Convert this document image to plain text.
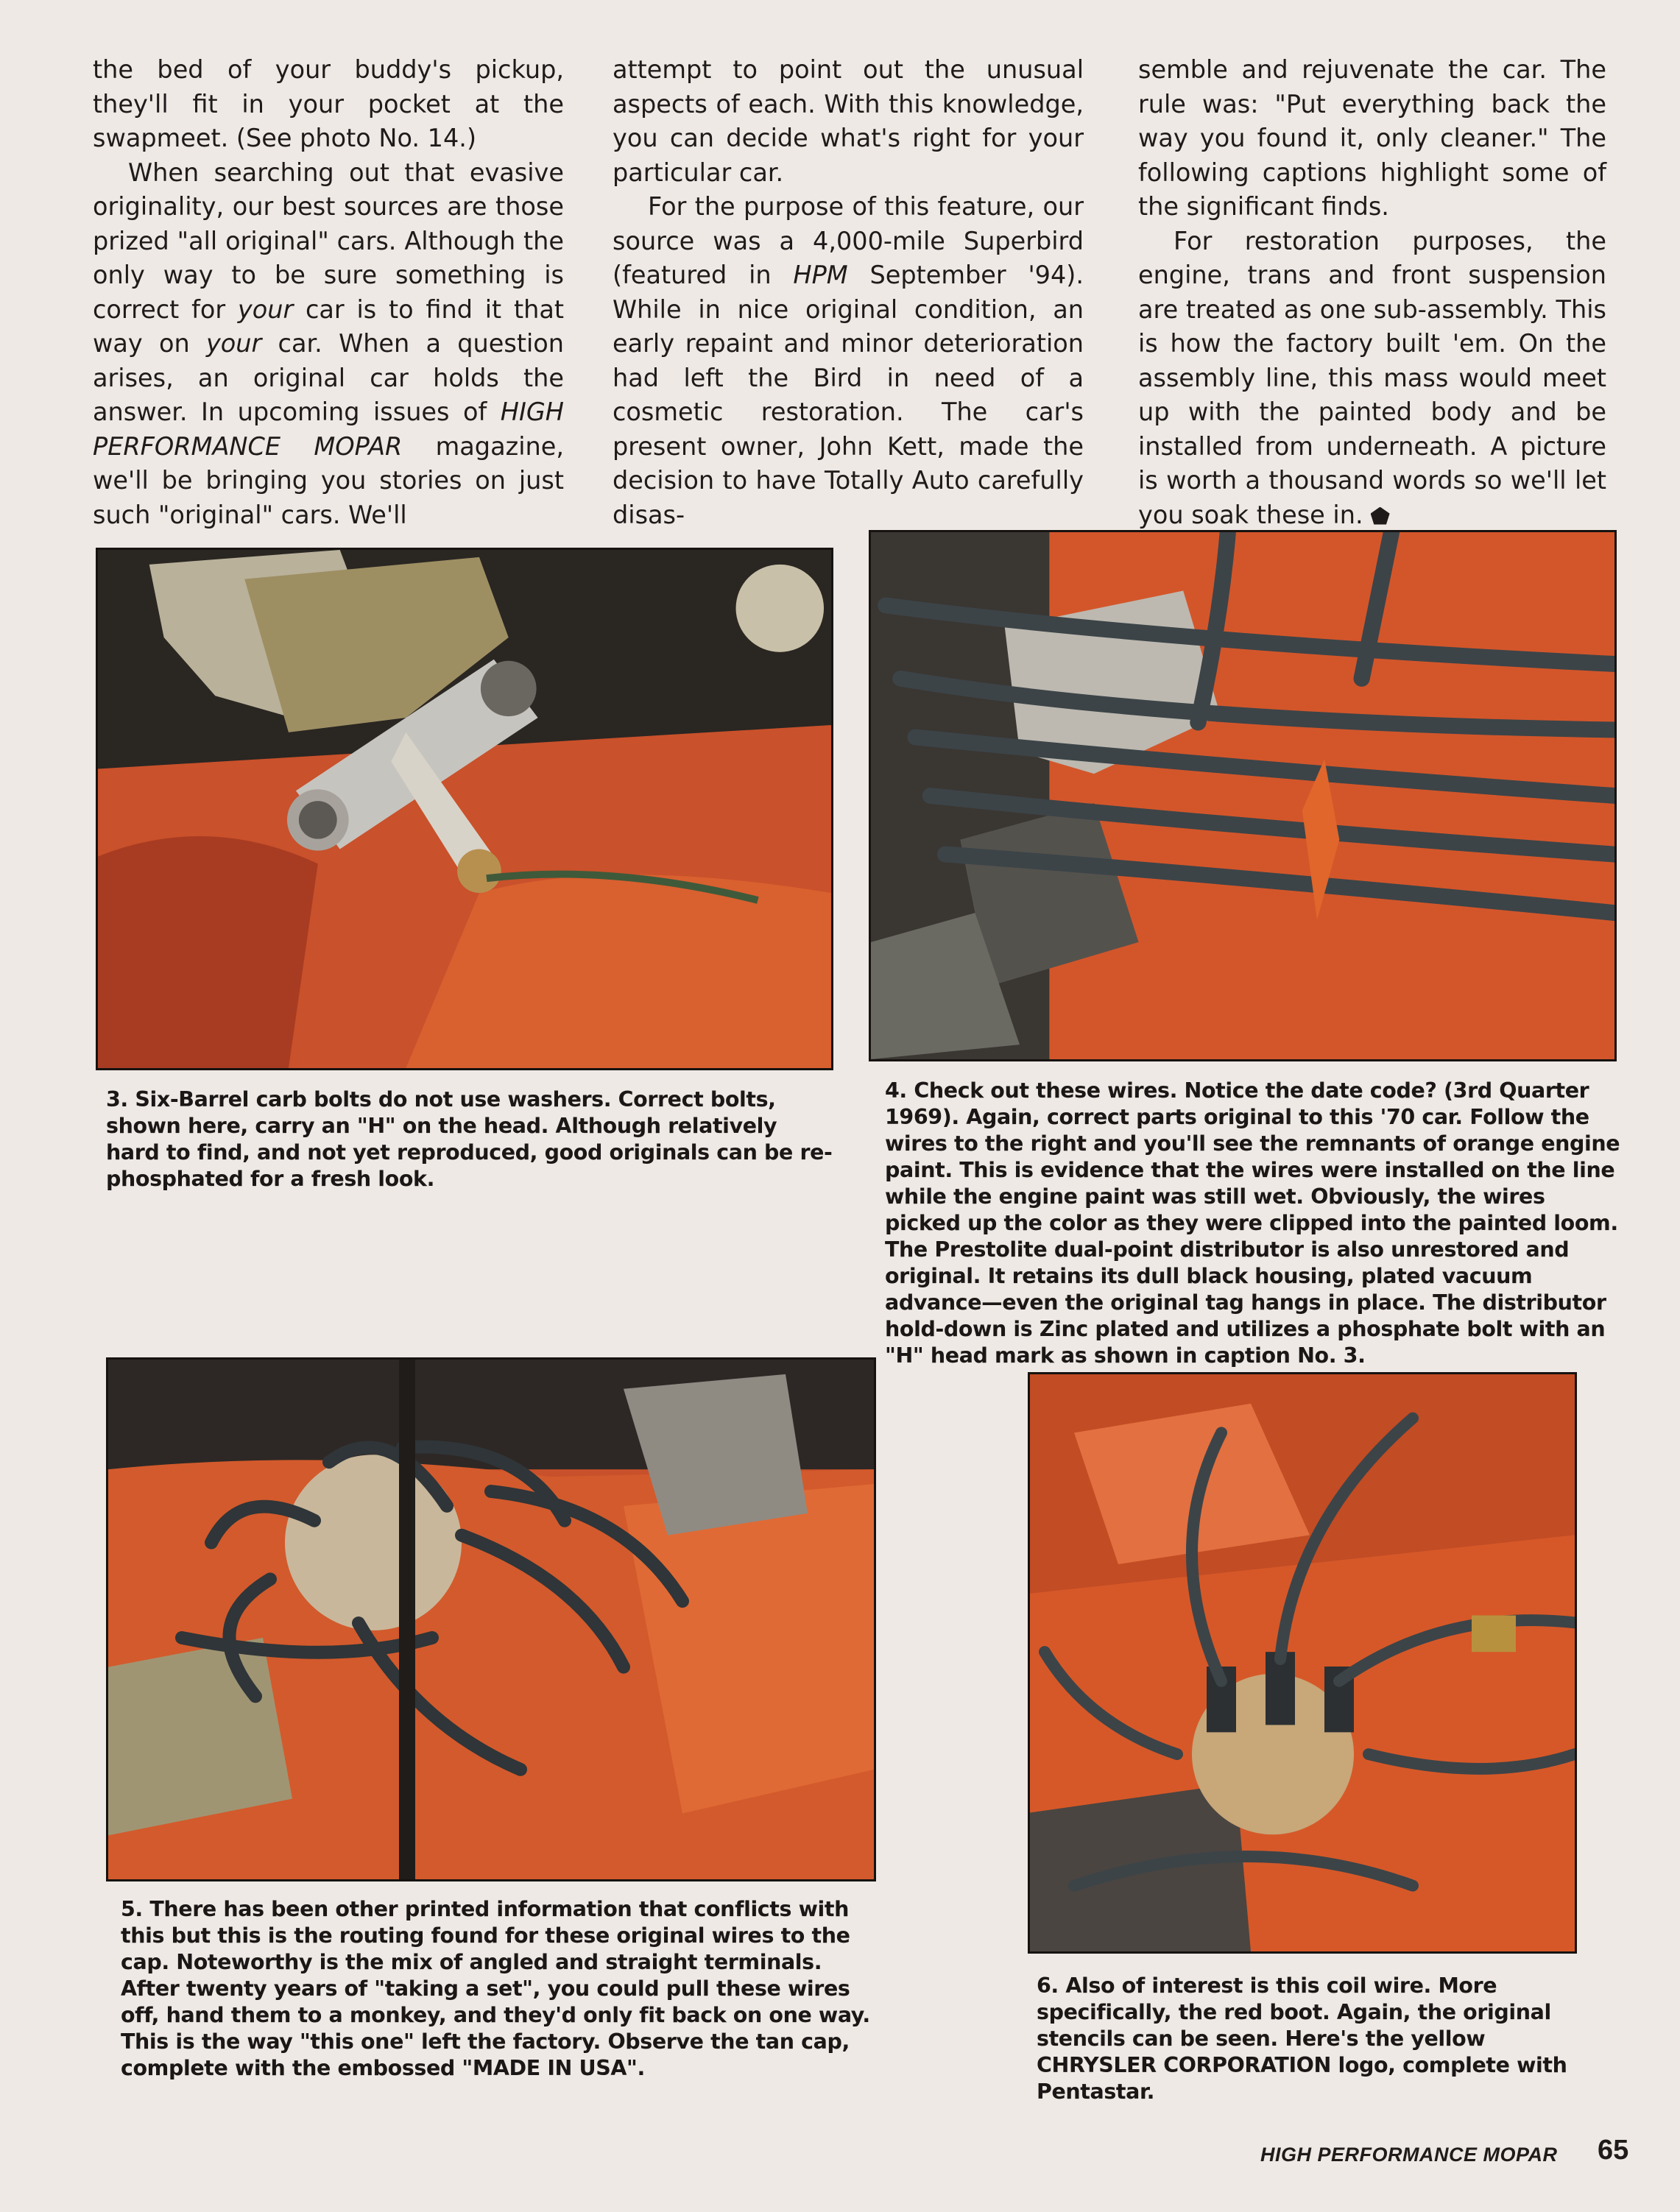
the bed of your buddy's pickup, they'll fit in your pocket at the swapmeet. (See photo No. 14.)

When searching out that evasive originality, our best sources are those prized "all original" cars. Although the only way to be sure something is correct for your car is to find it that way on your car. When a question arises, an original car holds the answer. In upcoming issues of HIGH PERFORMANCE MOPAR magazine, we'll be bringing you stories on just such "original" cars. We'll

attempt to point out the unusual aspects of each. With this knowledge, you can decide what's right for your particular car.

For the purpose of this feature, our source was a 4,000-mile Superbird (featured in HPM September '94). While in nice original condition, an early repaint and minor deterioration had left the Bird in need of a cosmetic restoration. The car's present owner, John Kett, made the decision to have Totally Auto carefully disas-

semble and rejuvenate the car. The rule was: "Put everything back the way you found it, only cleaner." The following captions highlight some of the significant finds.

For restoration purposes, the engine, trans and front suspension are treated as one sub-assembly. This is how the factory built 'em. On the assembly line, this mass would meet up with the painted body and be installed from underneath. A picture is worth a thousand words so we'll let you soak these in.

3. Six-Barrel carb bolts do not use washers. Correct bolts, shown here, carry an "H" on the head. Although relatively hard to find, and not yet reproduced, good originals can be re-phosphated for a fresh look.
4. Check out these wires. Notice the date code? (3rd Quarter 1969). Again, correct parts original to this '70 car. Follow the wires to the right and you'll see the remnants of orange engine paint. This is evidence that the wires were installed on the line while the engine paint was still wet. Obviously, the wires picked up the color as they were clipped into the painted loom. The Prestolite dual-point distributor is also unrestored and original. It retains its dull black housing, plated vacuum advance—even the original tag hangs in place. The distributor hold-down is Zinc plated and utilizes a phosphate bolt with an "H" head mark as shown in caption No. 3.
5. There has been other printed information that conflicts with this but this is the routing found for these original wires to the cap. Noteworthy is the mix of angled and straight terminals. After twenty years of "taking a set", you could pull these wires off, hand them to a monkey, and they'd only fit back on one way. This is the way "this one" left the factory. Observe the tan cap, complete with the embossed "MADE IN USA".
6. Also of interest is this coil wire. More specifically, the red boot. Again, the original stencils can be seen. Here's the yellow CHRYSLER CORPORATION logo, complete with Pentastar.
HIGH PERFORMANCE MOPAR 65
